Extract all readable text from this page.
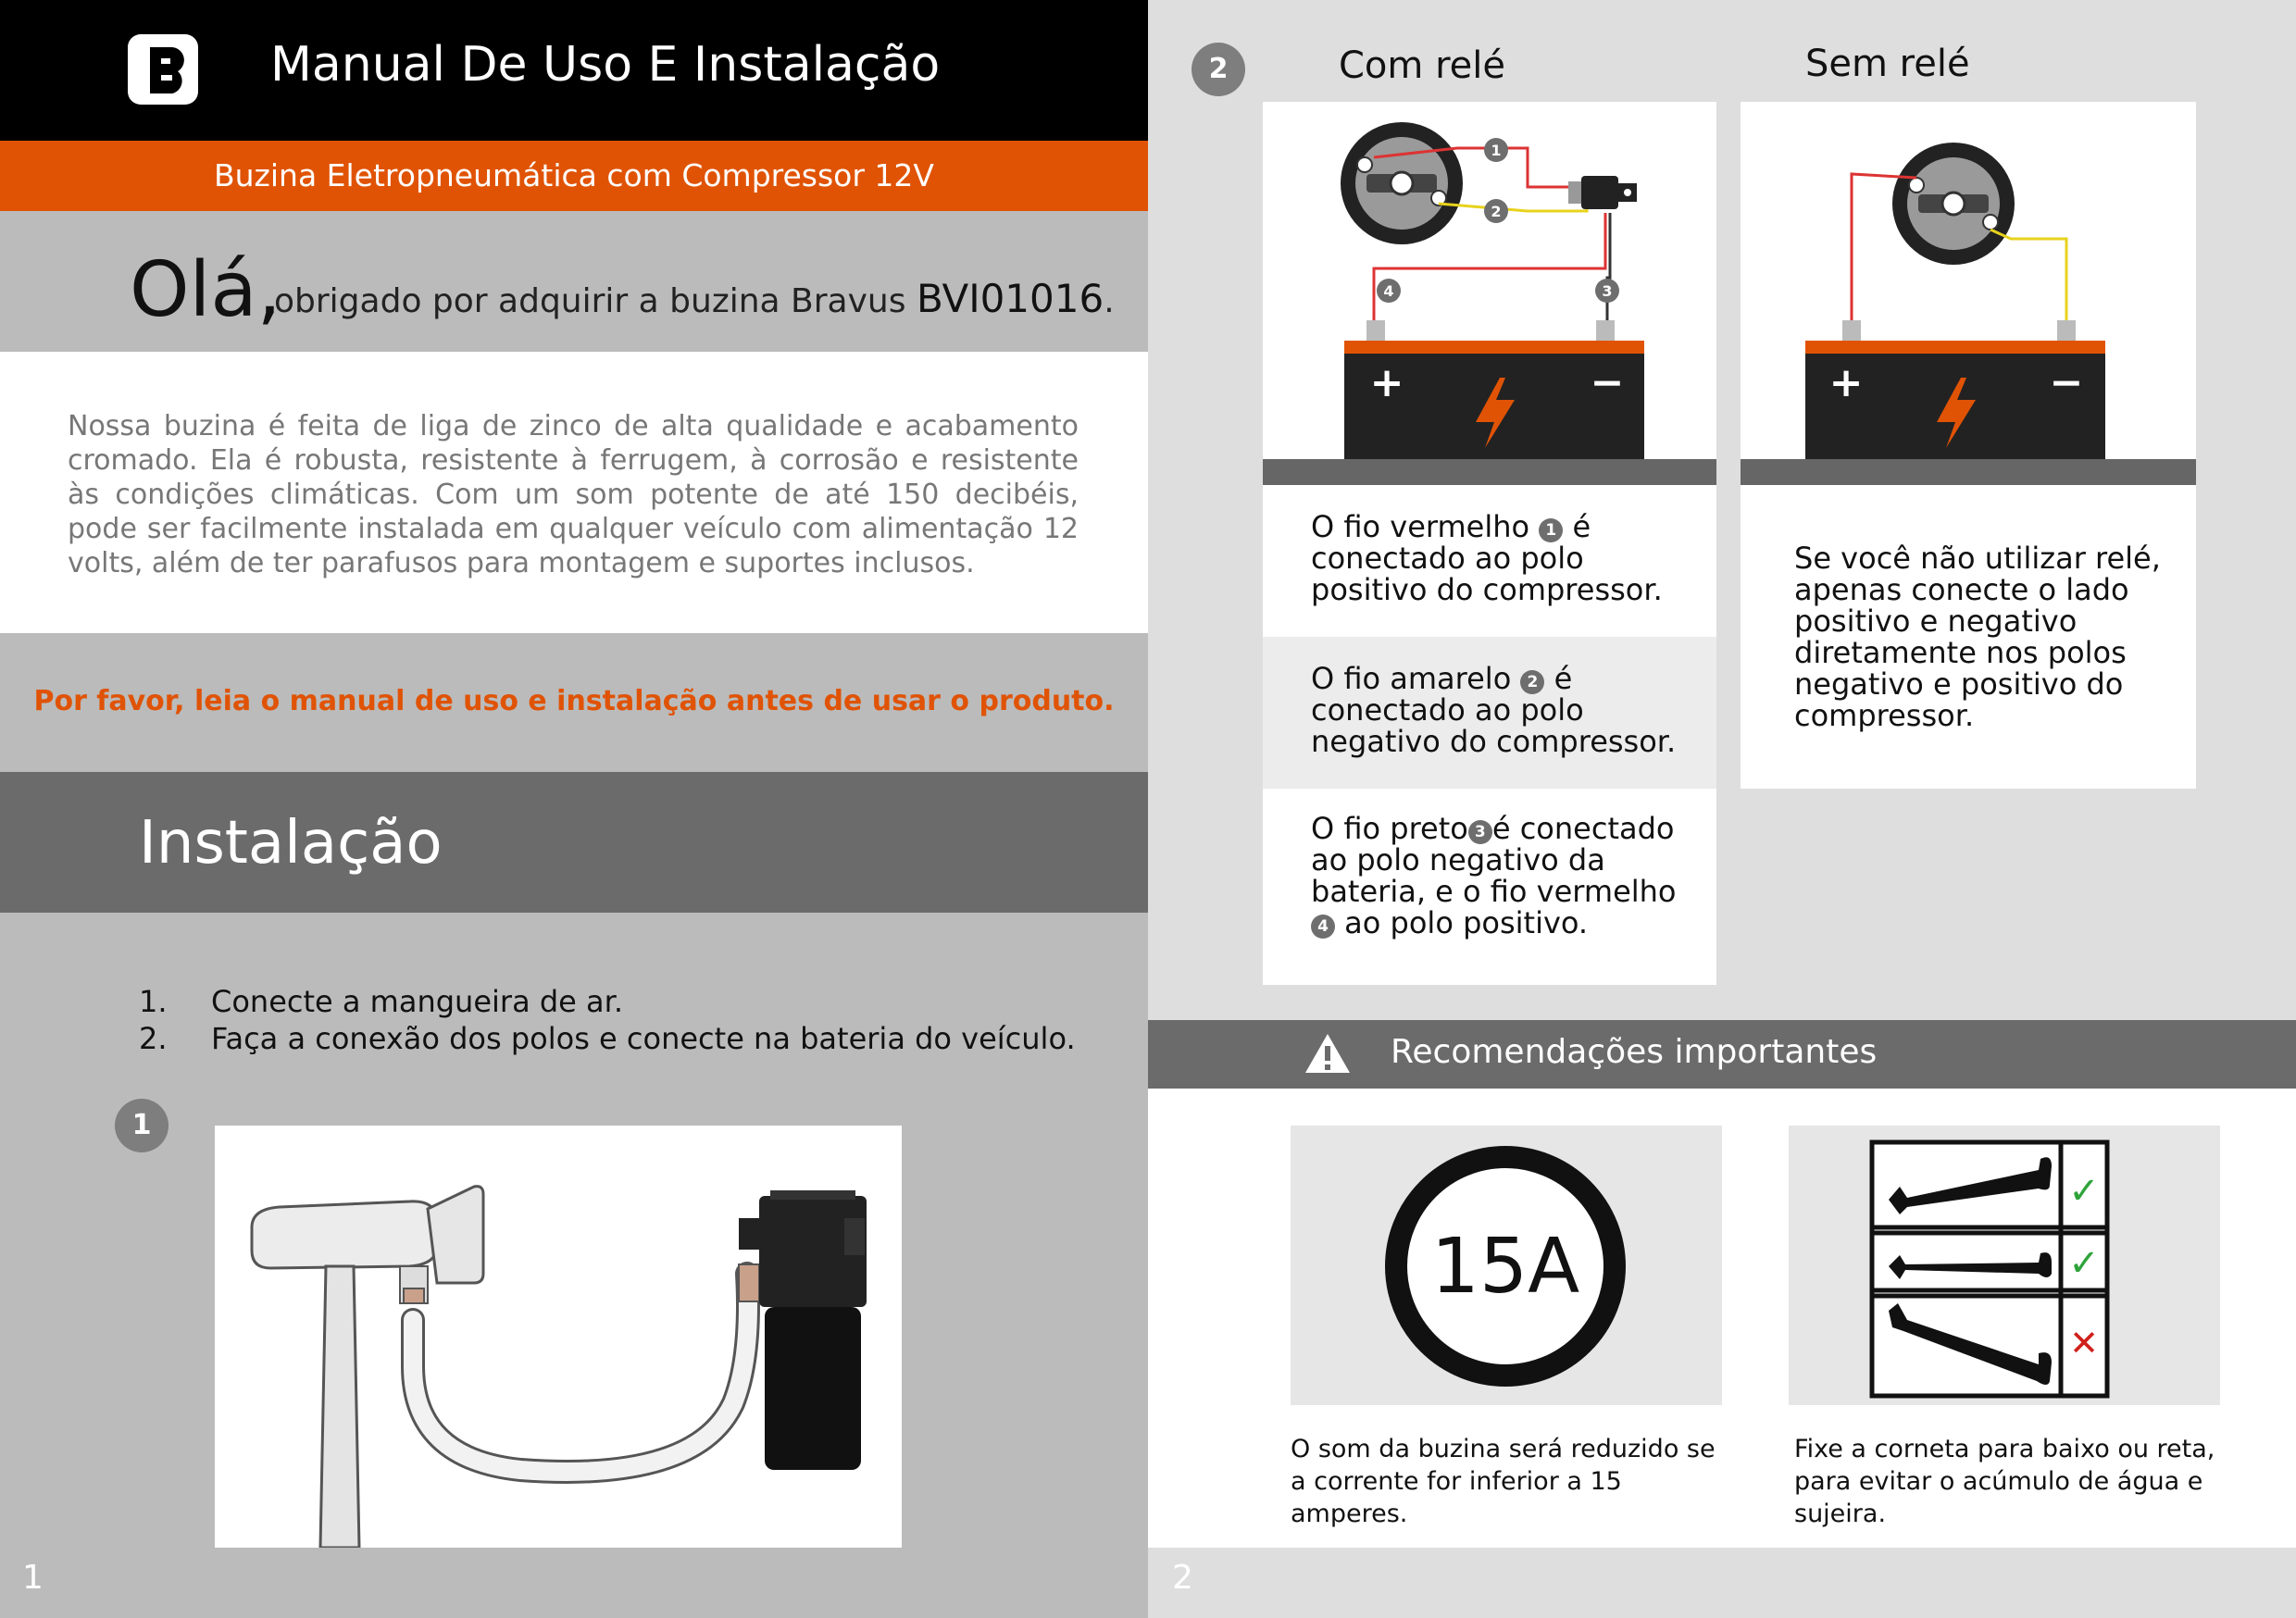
Manual De Uso E Instalação
Buzina Eletropneumática com Compressor 12V
Olá,
obrigado por adquirir a buzina Bravus BVI01016.
Nossa buzina é feita de liga de zinco de alta qualidade e acabamento cromado. Ela é robusta, resistente à ferrugem, à corrosão e resistente às condições climáticas. Com um som potente de até 150 decibéis, pode ser facilmente instalada em qualquer veículo com alimentação 12 volts, além de ter parafusos para montagem e suportes inclusos.
Por favor, leia o manual de uso e instalação antes de usar o produto.
Instalação
1. Conecte a mangueira de ar.
2. Faça a conexão dos polos e conecte na bateria do veículo.
1
1
2	Com relé	Sem relé
1
2
3
4
+	−	+	−
O fio vermelho 1 é conectado ao polo positivo do compressor.
O fio amarelo 2 é conectado ao polo negativo do compressor.
O fio preto 3 é conectado ao polo negativo da bateria, e o fio vermelho 4 ao polo positivo.
Se você não utilizar relé, apenas conecte o lado positivo e negativo diretamente nos polos negativo e positivo do compressor.
Recomendações importantes
15A
O som da buzina será reduzido se a corrente for inferior a 15 amperes.
✓
✓
✕
Fixe a corneta para baixo ou reta, para evitar o acúmulo de água e sujeira.
2
